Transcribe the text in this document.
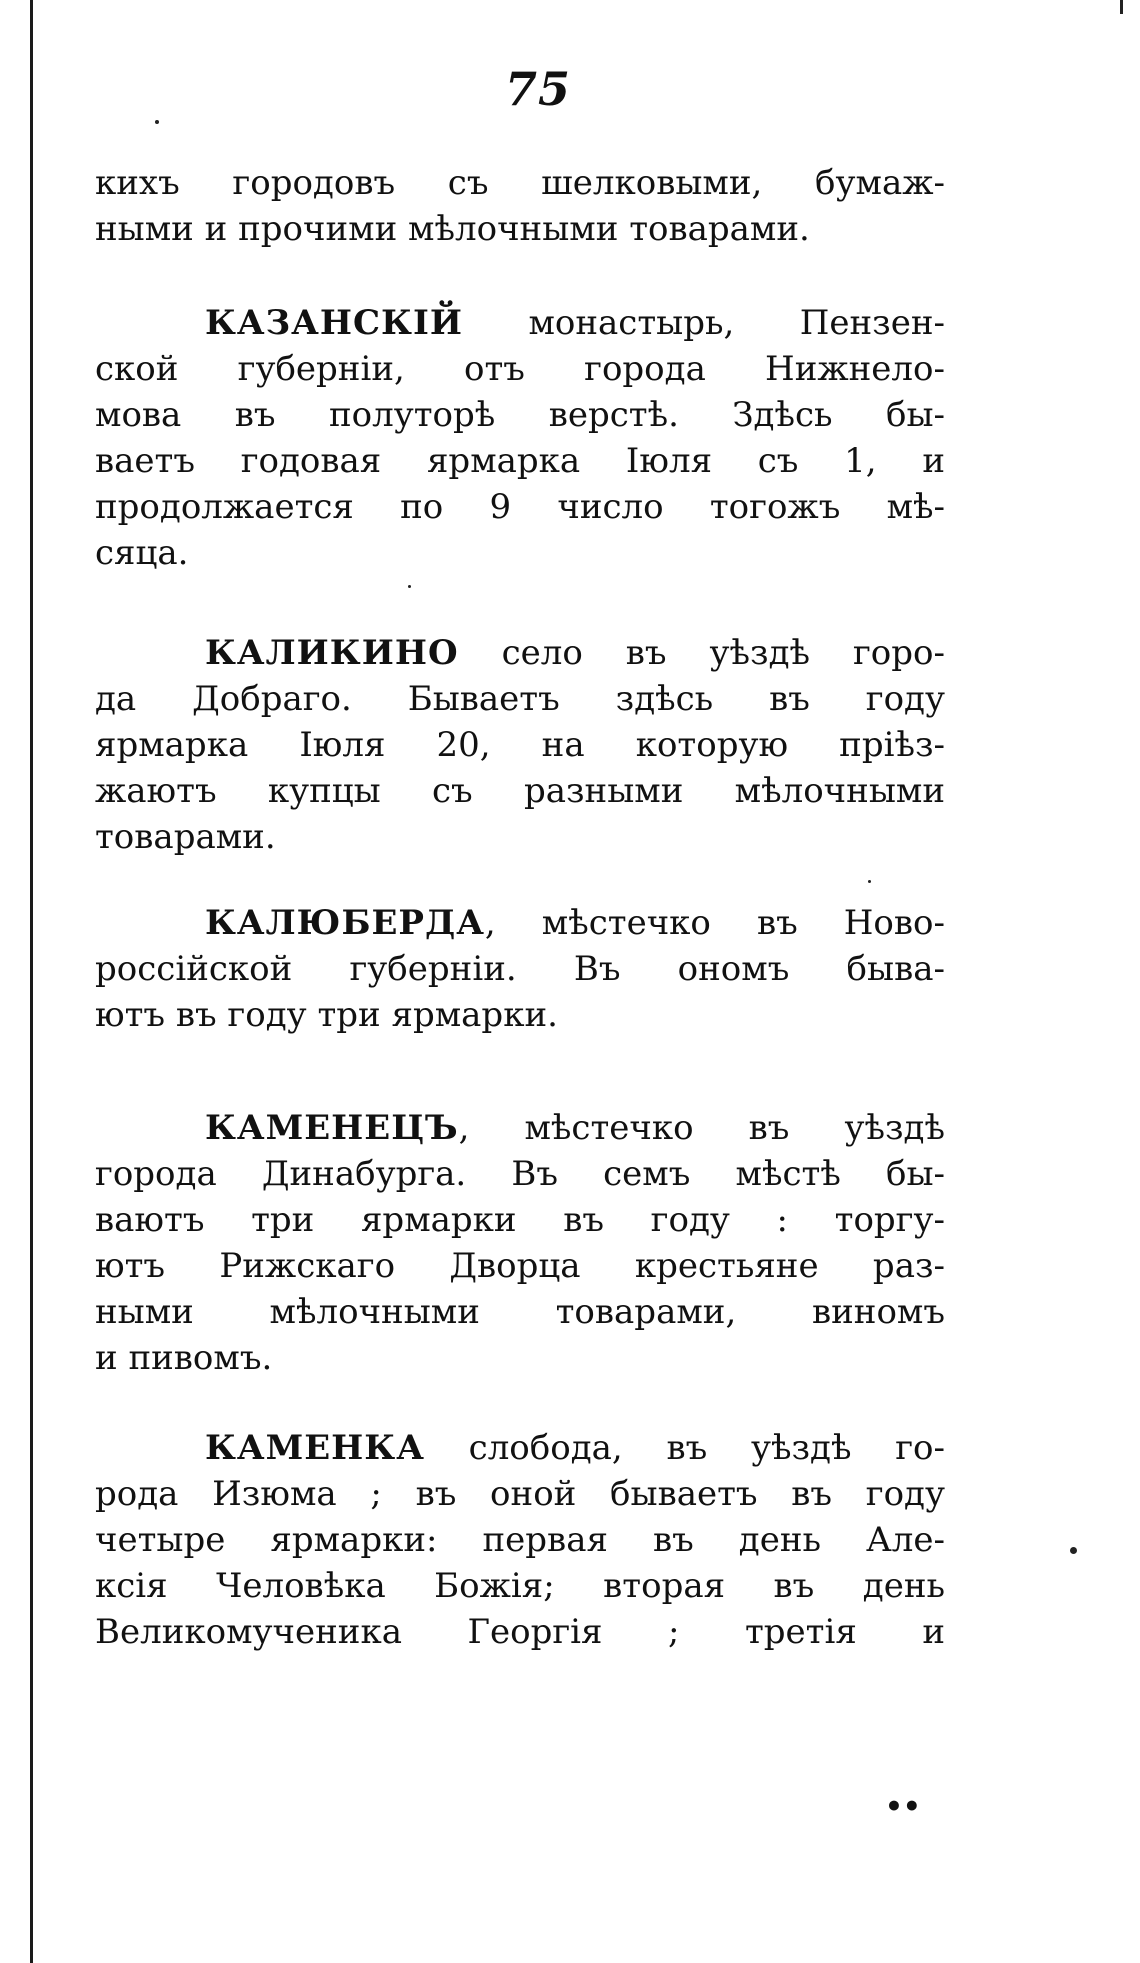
75
кихъ городовъ съ шелковыми, бумаж-
ными и прочими мѣлочными товарами.
КАЗАНСКІЙ монастырь, Пензен-
ской губерніи, отъ города Нижнело-
мова въ полуторѣ верстѣ. Здѣсь бы-
ваетъ годовая ярмарка Іюля съ 1, и
продолжается по 9 число тогожъ мѣ-
сяца.
КАЛИКИНО село въ уѣздѣ горо-
да Добраго. Бываетъ здѣсь въ году
ярмарка Іюля 20, на которую пріѣз-
жаютъ купцы съ разными мѣлочными
товарами.
КАЛЮБЕРДА, мѣстечко въ Ново-
россійской губерніи. Въ ономъ быва-
ютъ въ году три ярмарки.
КАМЕНЕЦЪ, мѣстечко въ уѣздѣ
города Динабурга. Въ семъ мѣстѣ бы-
ваютъ три ярмарки въ году : торгу-
ютъ Рижскаго Дворца крестьяне раз-
ными мѣлочными товарами, виномъ
и пивомъ.
КАМЕНКА слобода, въ уѣздѣ го-
рода Изюма ; въ оной бываетъ въ году
четыре ярмарки: первая въ день Але-
ксія Человѣка Божія; вторая въ день
Великомученика Георгія ; третія и
••
